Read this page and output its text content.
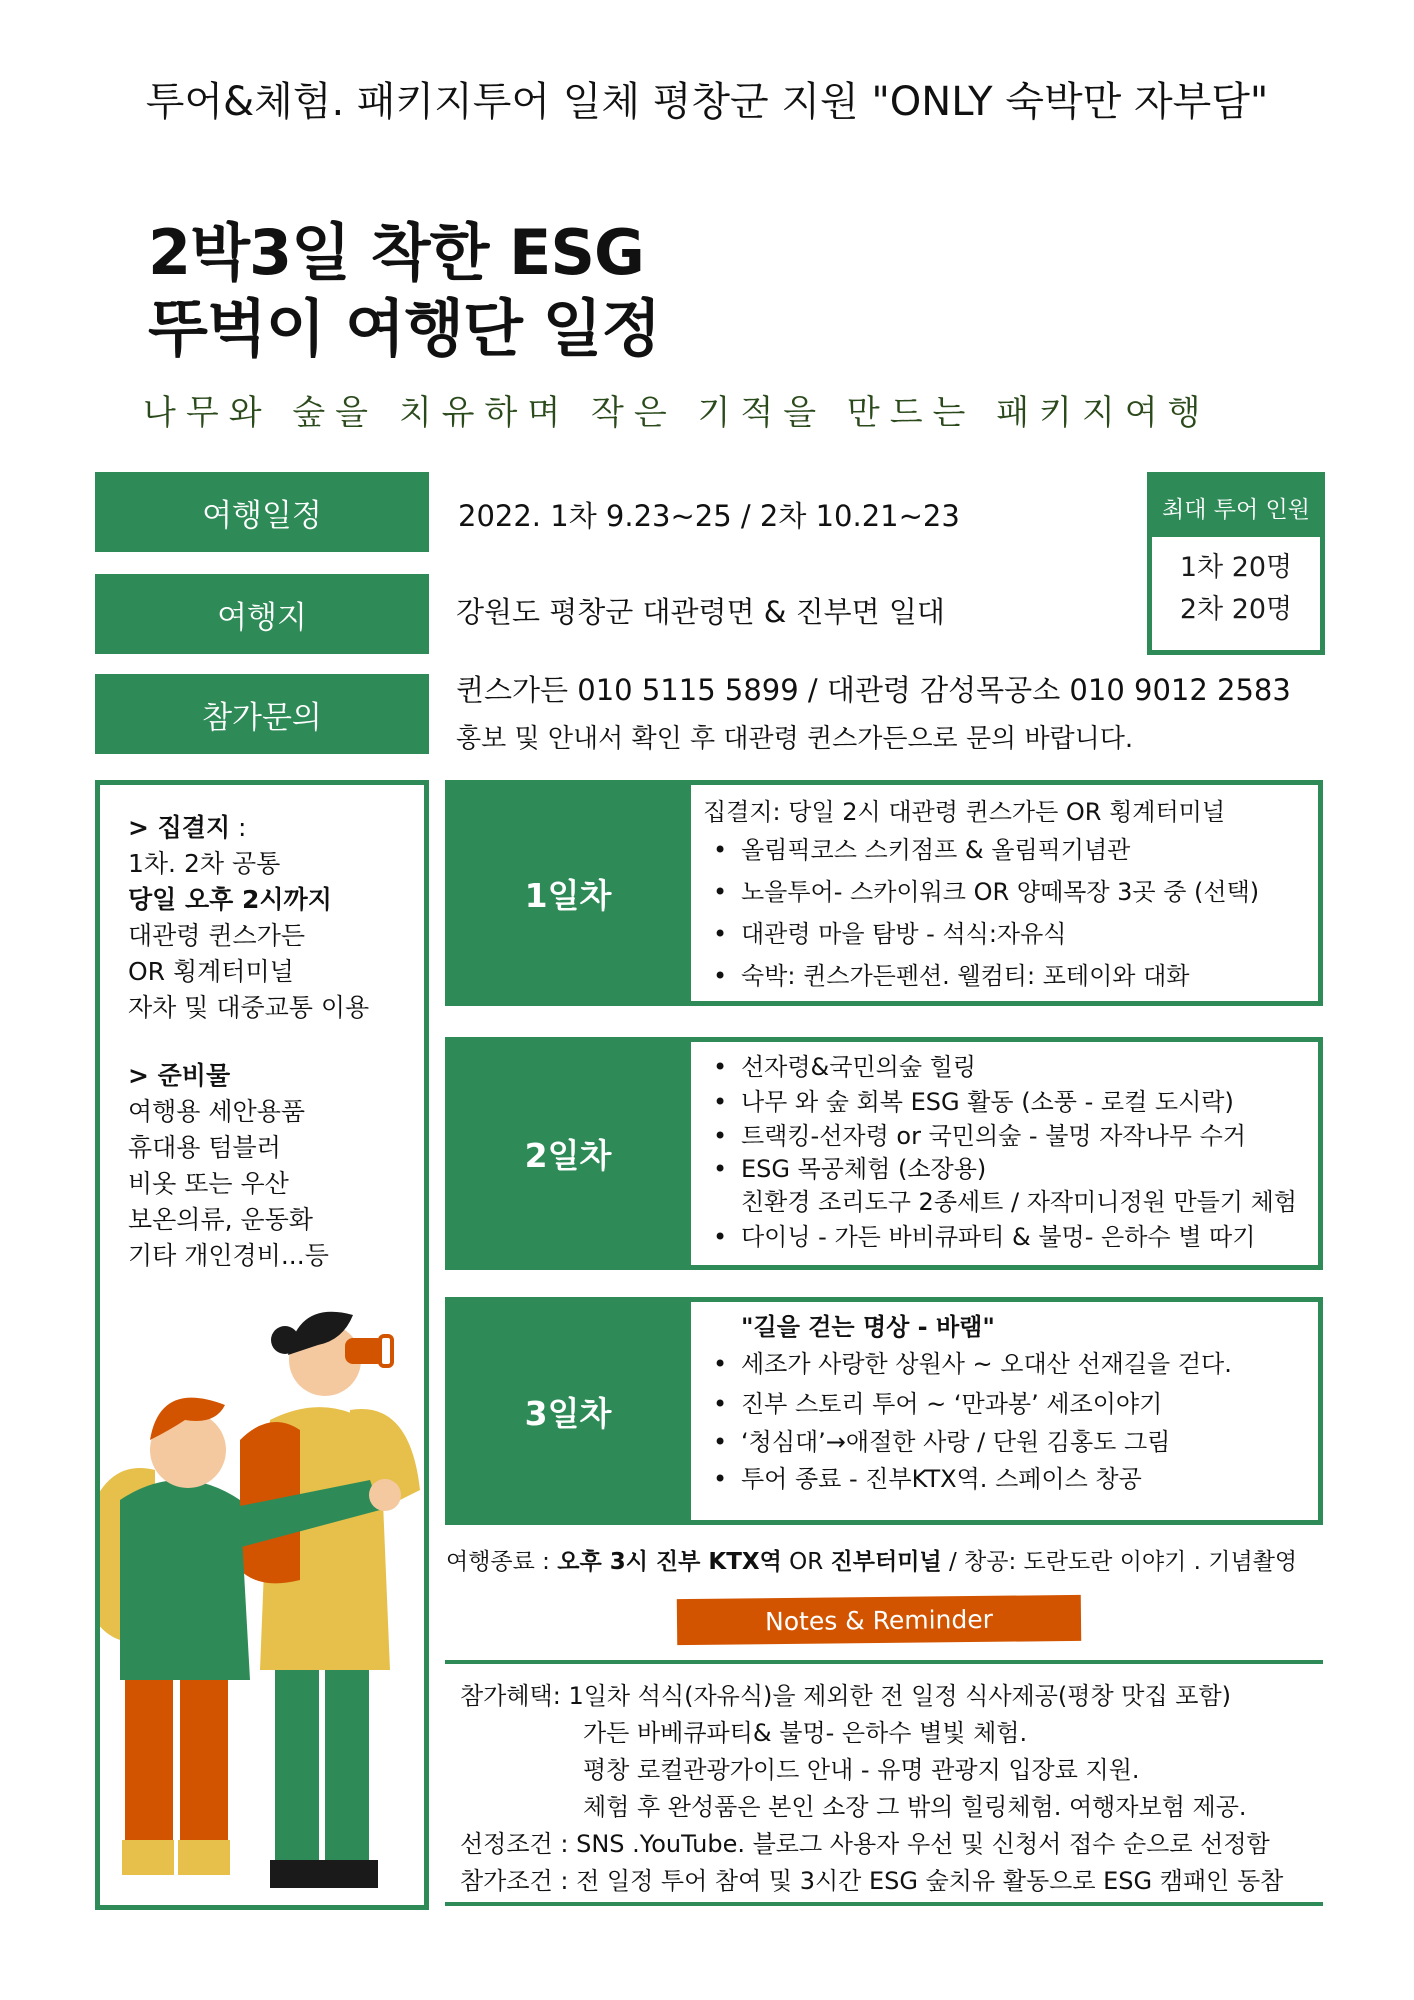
투어&체험. 패키지투어 일체 평창군 지원 "ONLY 숙박만 자부담"
2박3일 착한 ESG
뚜벅이 여행단 일정
나무와 숲을 치유하며 작은 기적을 만드는 패키지여행
여행일정	2022. 1차 9.23~25 / 2차 10.21~23
여행지	강원도 평창군 대관령면 & 진부면 일대
참가문의
퀸스가든 010 5115 5899 / 대관령 감성목공소 010 9012 2583
홍보 및 안내서 확인 후 대관령 퀸스가든으로 문의 바랍니다.
최대 투어 인원
1차 20명
2차 20명
> 집결지 :
1차. 2차 공통
당일 오후 2시까지
대관령 퀸스가든
OR 횡계터미널
자차 및 대중교통 이용
> 준비물
여행용 세안용품
휴대용 텀블러
비옷 또는 우산
보온의류, 운동화
기타 개인경비...등
1일차
집결지: 당일 2시 대관령 퀸스가든 OR 횡계터미널
• 올림픽코스 스키점프 & 올림픽기념관
• 노을투어- 스카이워크 OR 양떼목장 3곳 중 (선택)
• 대관령 마을 탐방 - 석식:자유식
• 숙박: 퀸스가든펜션. 웰컴티: 포테이와 대화
2일차
• 선자령&국민의숲 힐링
• 나무 와 숲 회복 ESG 활동 (소풍 - 로컬 도시락)
• 트랙킹-선자령 or 국민의숲 - 불멍 자작나무 수거
• ESG 목공체험 (소장용)
친환경 조리도구 2종세트 / 자작미니정원 만들기 체험
• 다이닝 - 가든 바비큐파티 & 불멍- 은하수 별 따기
3일차
"길을 걷는 명상 - 바램"
• 세조가 사랑한 상원사 ~ 오대산 선재길을 걷다.
• 진부 스토리 투어 ~ ‘만과봉’ 세조이야기
• ‘청심대’→애절한 사랑 / 단원 김홍도 그림
• 투어 종료 - 진부KTX역. 스페이스 창공
여행종료 : 오후 3시 진부 KTX역 OR 진부터미널 / 창공: 도란도란 이야기 . 기념촬영
Notes & Reminder
참가혜택: 1일차 석식(자유식)을 제외한 전 일정 식사제공(평창 맛집 포함)
가든 바베큐파티& 불멍- 은하수 별빛 체험.
평창 로컬관광가이드 안내 - 유명 관광지 입장료 지원.
체험 후 완성품은 본인 소장 그 밖의 힐링체험. 여행자보험 제공.
선정조건 : SNS .YouTube. 블로그 사용자 우선 및 신청서 접수 순으로 선정함
참가조건 : 전 일정 투어 참여 및 3시간 ESG 숲치유 활동으로 ESG 캠패인 동참
